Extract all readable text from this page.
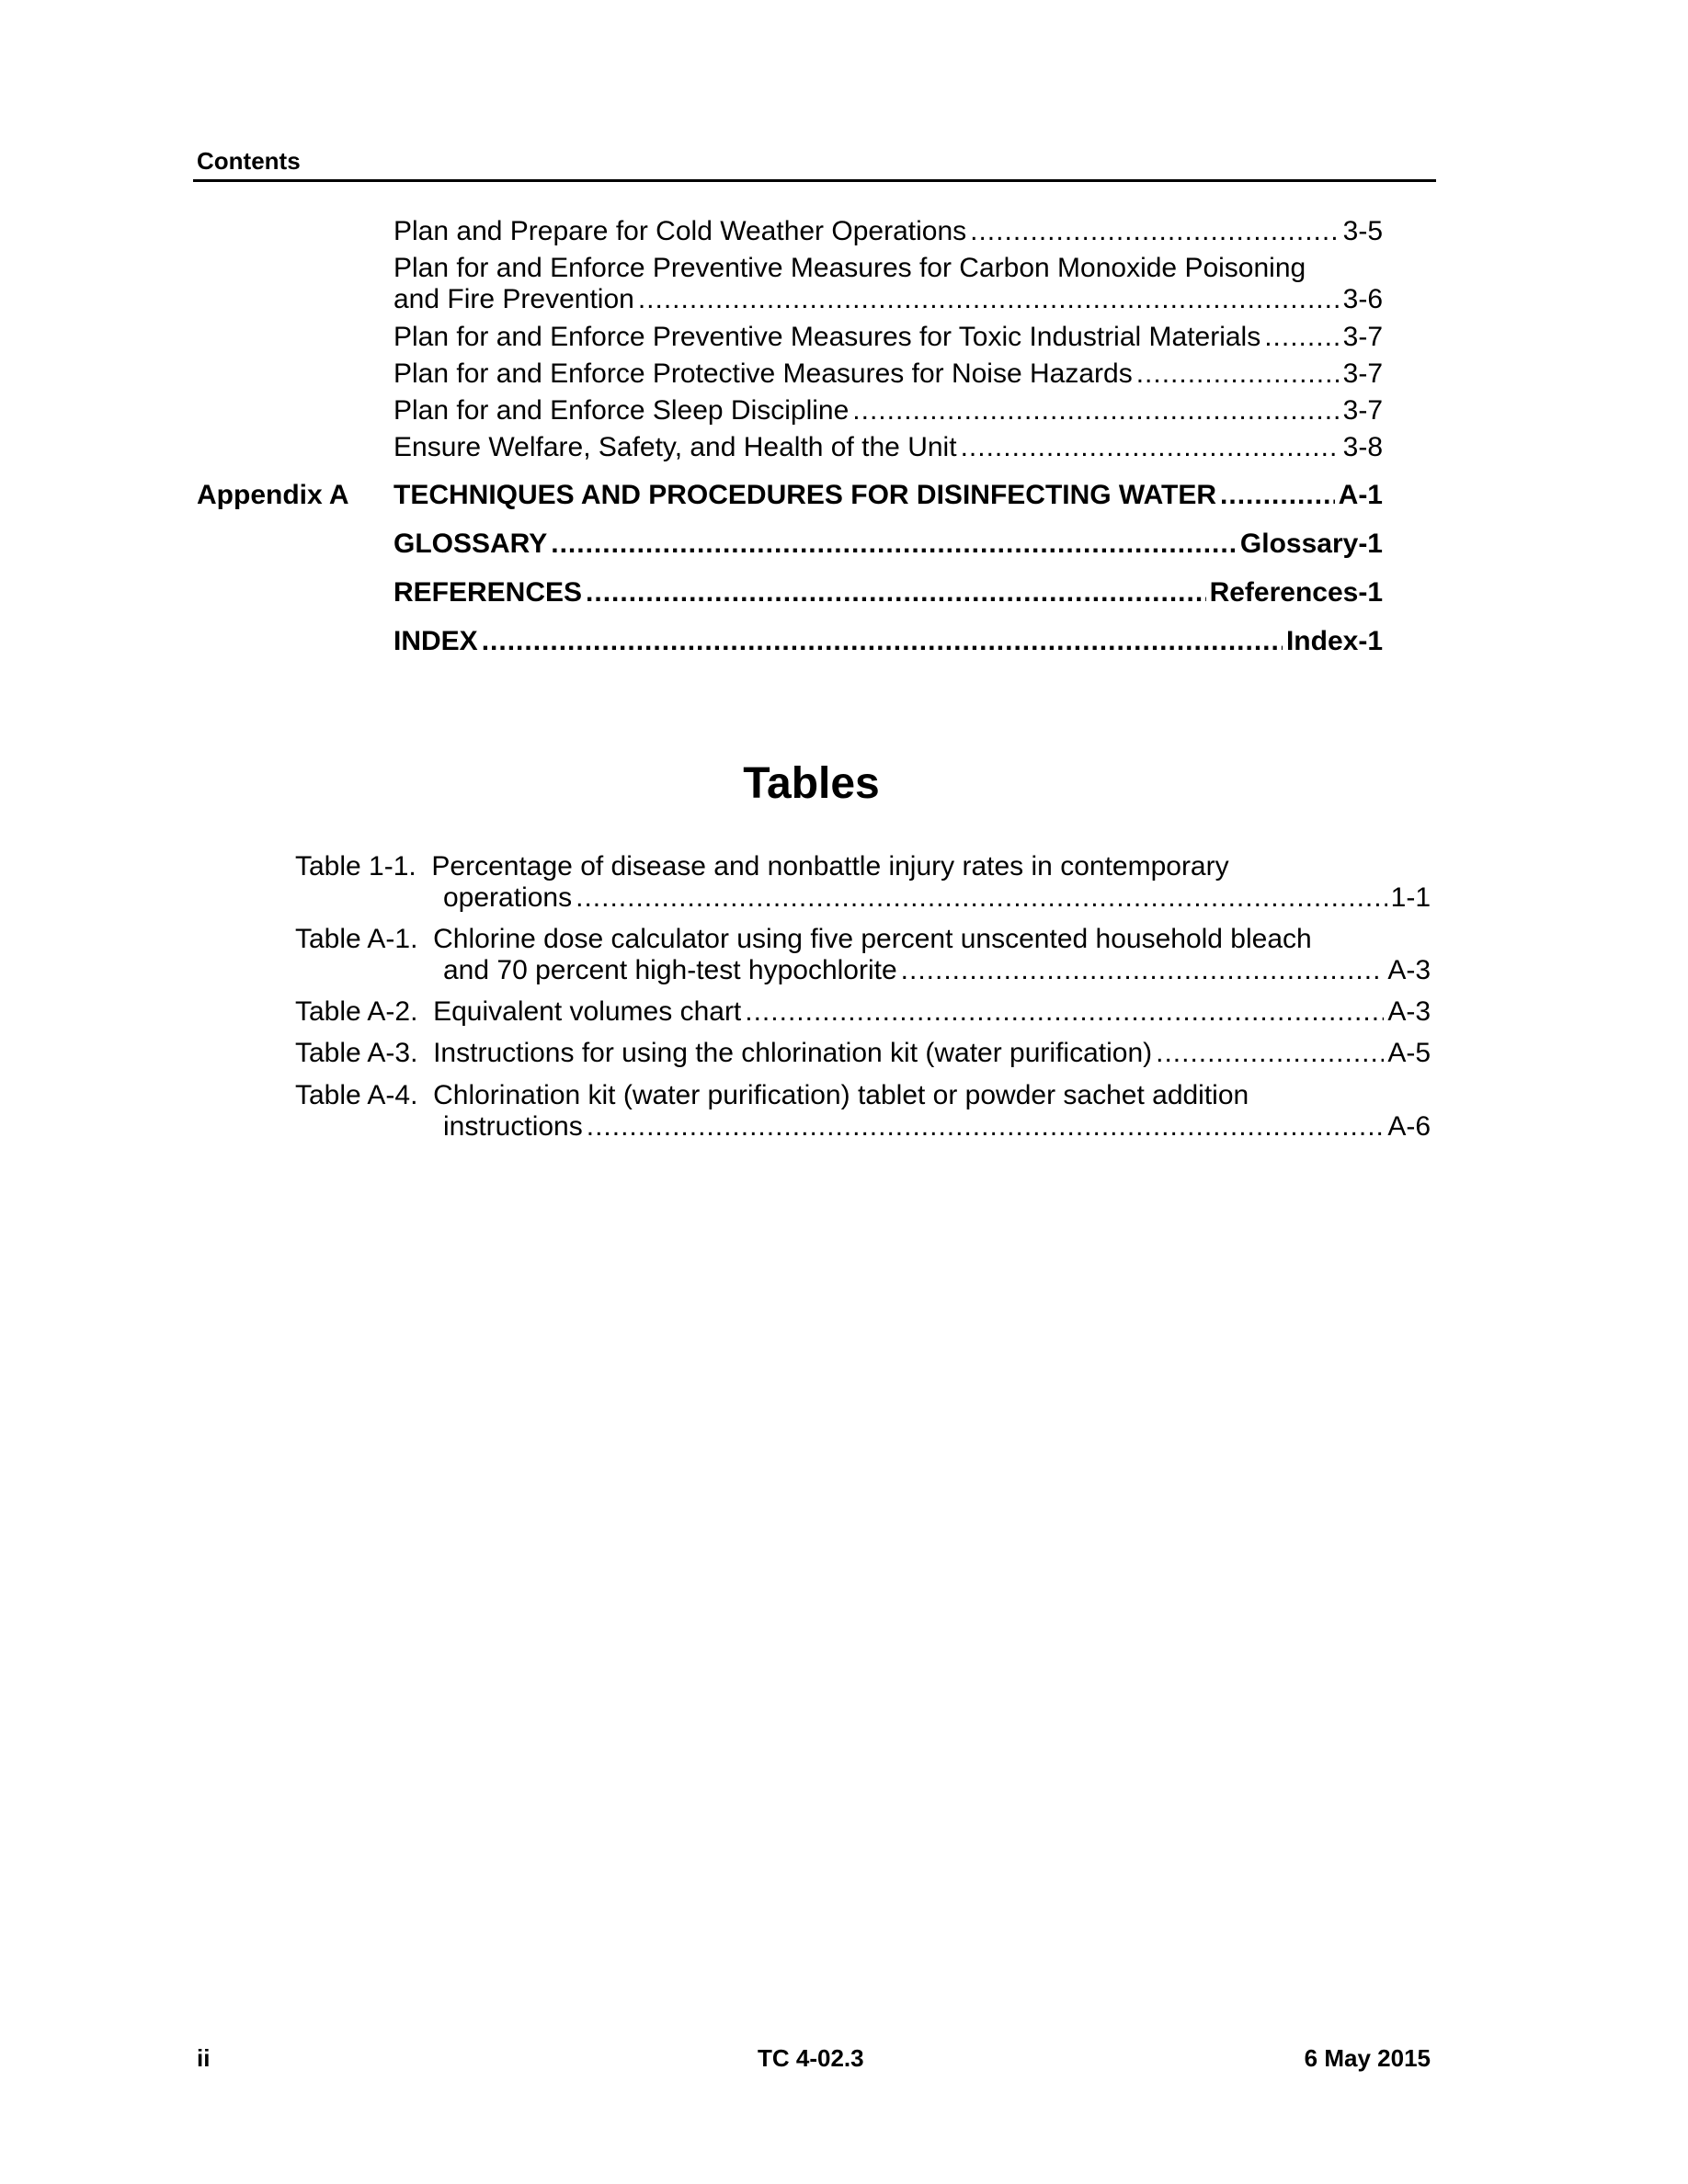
Contents
Plan and Prepare for Cold Weather Operations .....	3-5
Plan for and Enforce Preventive Measures for Carbon Monoxide Poisoning
and Fire Prevention .....	3-6
Plan for and Enforce Preventive Measures for Toxic Industrial Materials .....	3-7
Plan for and Enforce Protective Measures for Noise Hazards .....	3-7
Plan for and Enforce Sleep Discipline .....	3-7
Ensure Welfare, Safety, and Health of the Unit .....	3-8
Appendix A TECHNIQUES AND PROCEDURES FOR DISINFECTING WATER .....	A-1
GLOSSARY .....	Glossary-1
REFERENCES .....	References-1
INDEX .....	Index-1
Tables
Table 1-1. Percentage of disease and nonbattle injury rates in contemporary
operations .....	1-1
Table A-1. Chlorine dose calculator using five percent unscented household bleach
and 70 percent high-test hypochlorite .....	A-3
Table A-2.
Equivalent volumes chart .....	A-3
Table A-3.
Instructions for using the chlorination kit (water purification) .....	A-5
Table A-4. Chlorination kit (water purification) tablet or powder sachet addition
instructions .....	A-6
ii	TC 4-02.3	6 May 2015
